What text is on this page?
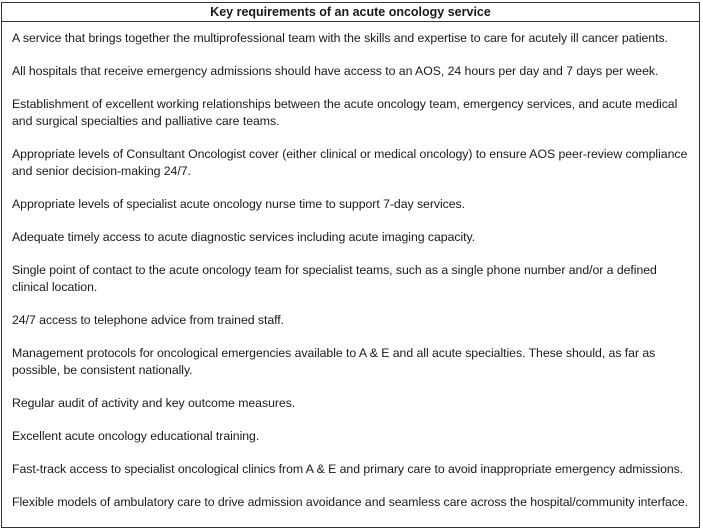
Key requirements of an acute oncology service

A service that brings together the multiprofessional team with the skills and expertise to care for acutely ill cancer patients.

All hospitals that receive emergency admissions should have access to an AOS, 24 hours per day and 7 days per week.

Establishment of excellent working relationships between the acute oncology team, emergency services, and acute medical and surgical specialties and palliative care teams.

Appropriate levels of Consultant Oncologist cover (either clinical or medical oncology) to ensure AOS peer-review compliance and senior decision-making 24/7.

Appropriate levels of specialist acute oncology nurse time to support 7-day services.

Adequate timely access to acute diagnostic services including acute imaging capacity.

Single point of contact to the acute oncology team for specialist teams, such as a single phone number and/or a defined clinical location.

24/7 access to telephone advice from trained staff.

Management protocols for oncological emergencies available to A & E and all acute specialties. These should, as far as possible, be consistent nationally.

Regular audit of activity and key outcome measures.

Excellent acute oncology educational training.

Fast-track access to specialist oncological clinics from A & E and primary care to avoid inappropriate emergency admissions.

Flexible models of ambulatory care to drive admission avoidance and seamless care across the hospital/community interface.
